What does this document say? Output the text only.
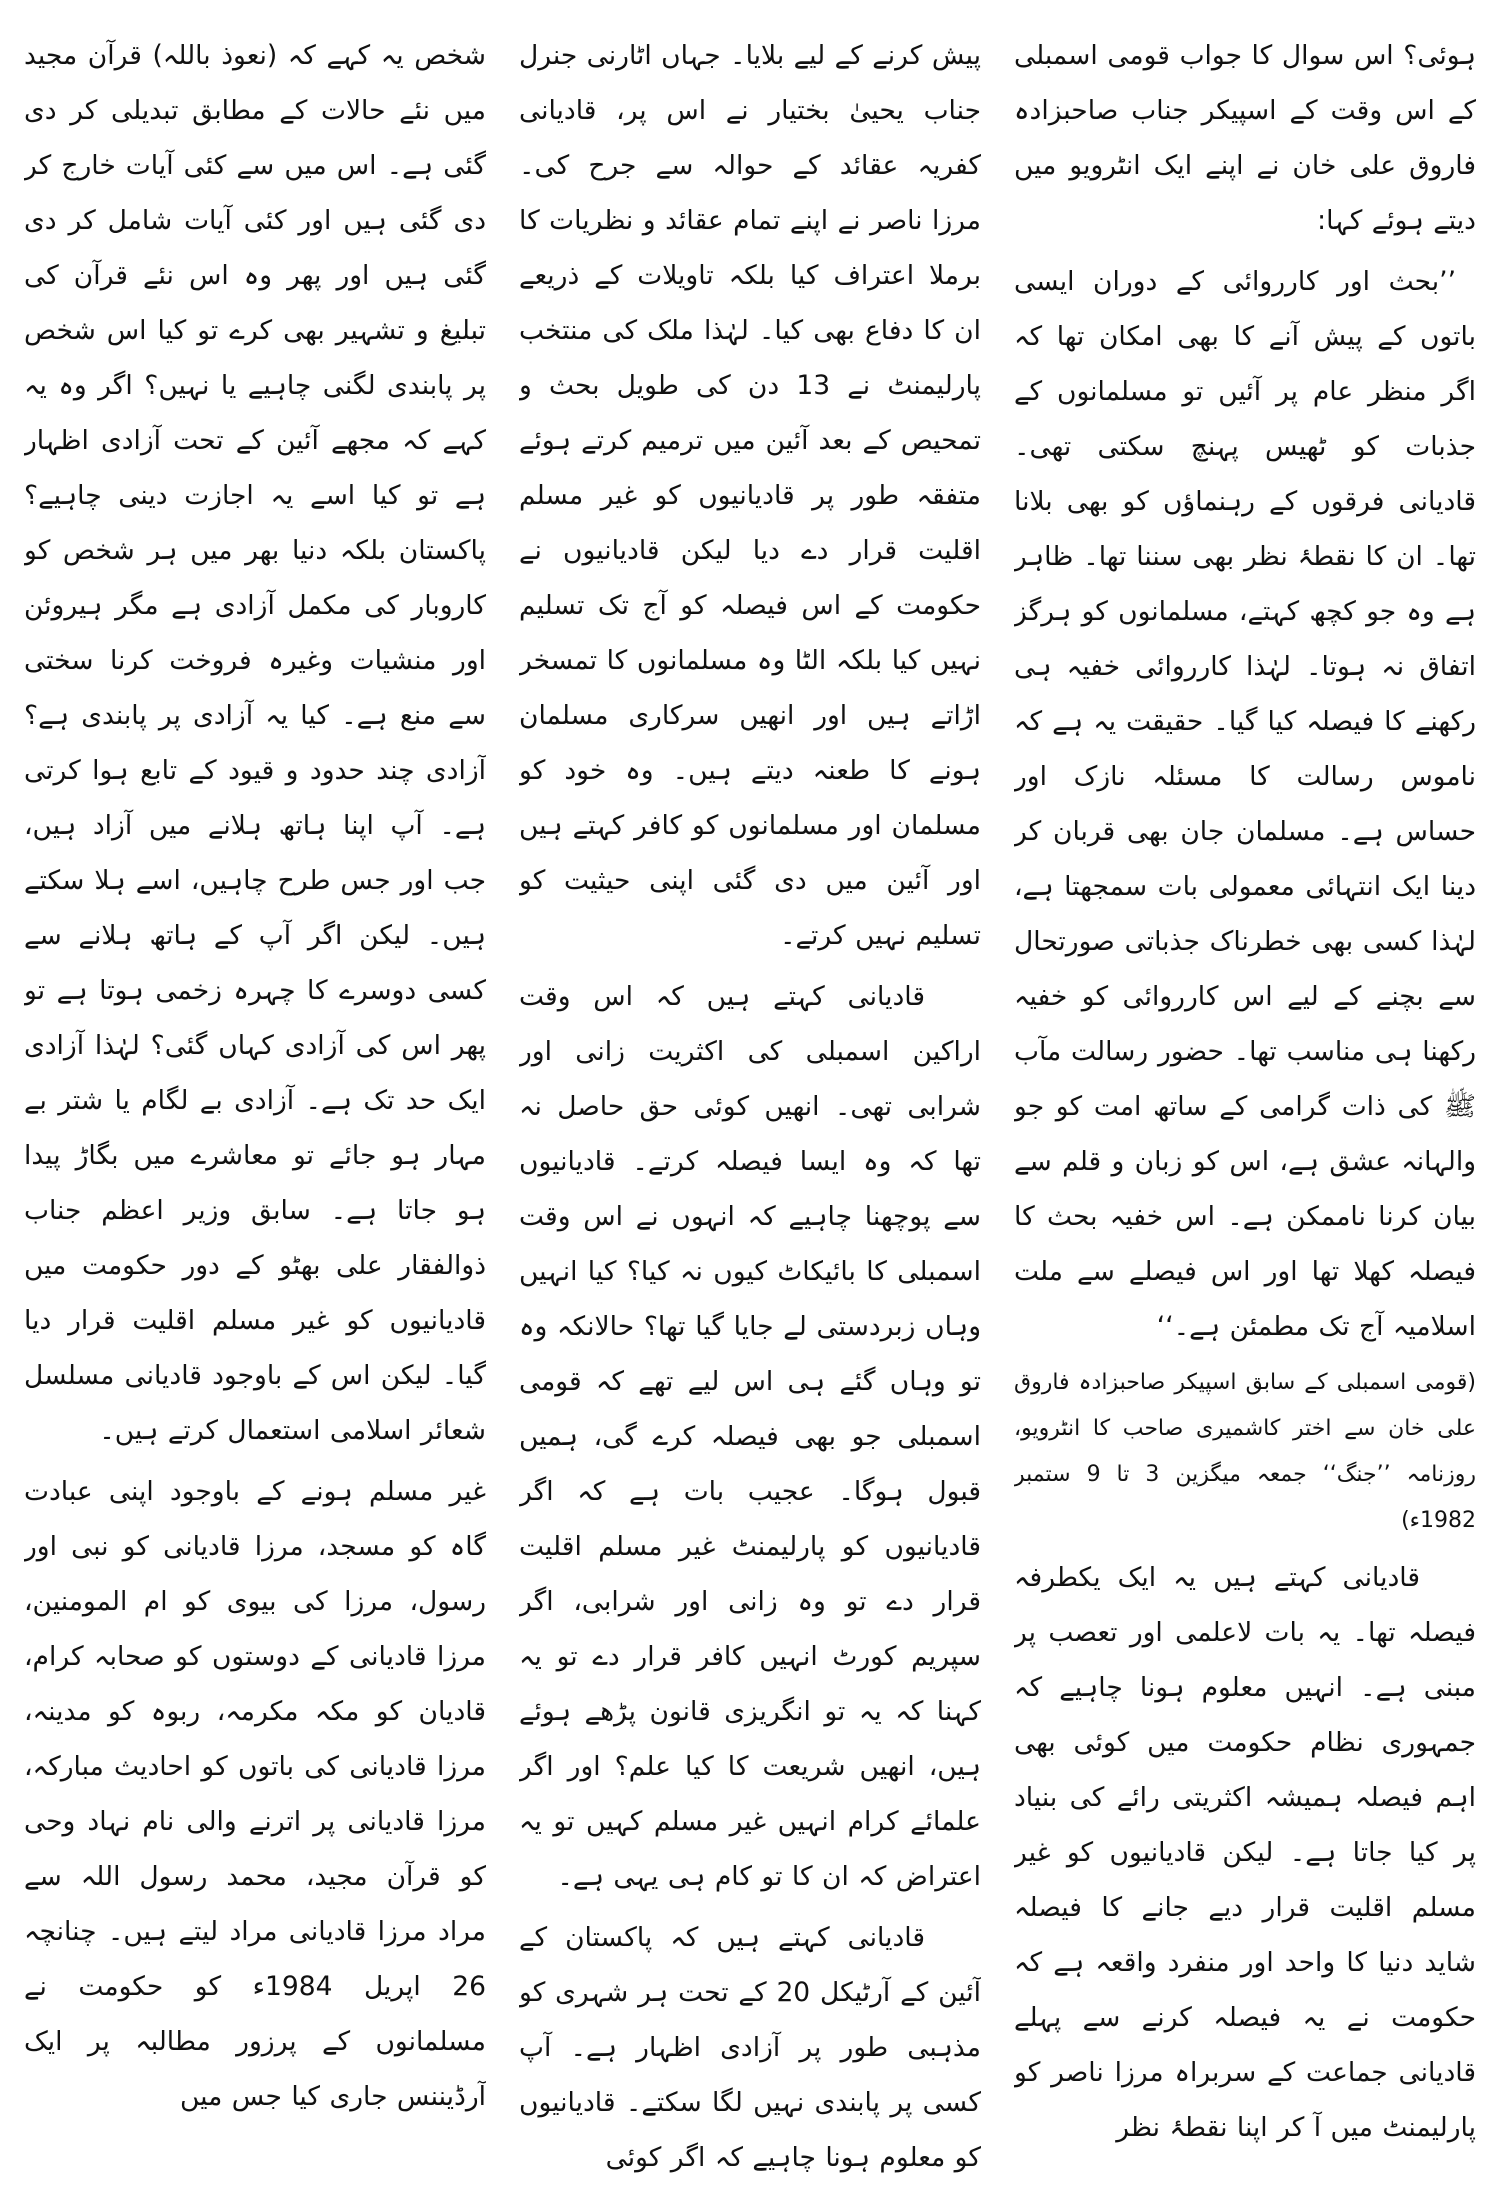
ہوئی؟ اس سوال کا جواب قومی اسمبلی کے اس وقت کے اسپیکر جناب صاحبزادہ فاروق علی خان نے اپنے ایک انٹرویو میں دیتے ہوئے کہا:

’’بحث اور کارروائی کے دوران ایسی باتوں کے پیش آنے کا بھی امکان تھا کہ اگر منظر عام پر آئیں تو مسلمانوں کے جذبات کو ٹھیس پہنچ سکتی تھی۔ قادیانی فرقوں کے رہنماؤں کو بھی بلانا تھا۔ ان کا نقطۂ نظر بھی سننا تھا۔ ظاہر ہے وہ جو کچھ کہتے، مسلمانوں کو ہرگز اتفاق نہ ہوتا۔ لہٰذا کارروائی خفیہ ہی رکھنے کا فیصلہ کیا گیا۔ حقیقت یہ ہے کہ ناموس رسالت کا مسئلہ نازک اور حساس ہے۔ مسلمان جان بھی قربان کر دینا ایک انتہائی معمولی بات سمجھتا ہے، لہٰذا کسی بھی خطرناک جذباتی صورتحال سے بچنے کے لیے اس کارروائی کو خفیہ رکھنا ہی مناسب تھا۔ حضور رسالت مآب ﷺ کی ذات گرامی کے ساتھ امت کو جو والہانہ عشق ہے، اس کو زبان و قلم سے بیان کرنا ناممکن ہے۔ اس خفیہ بحث کا فیصلہ کھلا تھا اور اس فیصلے سے ملت اسلامیہ آج تک مطمئن ہے۔‘‘

(قومی اسمبلی کے سابق اسپیکر صاحبزادہ فاروق علی خان سے اختر کاشمیری صاحب کا انٹرویو، روزنامہ ’’جنگ‘‘ جمعہ میگزین 3 تا 9 ستمبر 1982ء)

قادیانی کہتے ہیں یہ ایک یکطرفہ فیصلہ تھا۔ یہ بات لاعلمی اور تعصب پر مبنی ہے۔ انہیں معلوم ہونا چاہیے کہ جمہوری نظام حکومت میں کوئی بھی اہم فیصلہ ہمیشہ اکثریتی رائے کی بنیاد پر کیا جاتا ہے۔ لیکن قادیانیوں کو غیر مسلم اقلیت قرار دیے جانے کا فیصلہ شاید دنیا کا واحد اور منفرد واقعہ ہے کہ حکومت نے یہ فیصلہ کرنے سے پہلے قادیانی جماعت کے سربراہ مرزا ناصر کو پارلیمنٹ میں آ کر اپنا نقطۂ نظر

پیش کرنے کے لیے بلایا۔ جہاں اٹارنی جنرل جناب یحییٰ بختیار نے اس پر، قادیانی کفریہ عقائد کے حوالہ سے جرح کی۔ مرزا ناصر نے اپنے تمام عقائد و نظریات کا برملا اعتراف کیا بلکہ تاویلات کے ذریعے ان کا دفاع بھی کیا۔ لہٰذا ملک کی منتخب پارلیمنٹ نے 13 دن کی طویل بحث و تمحیص کے بعد آئین میں ترمیم کرتے ہوئے متفقہ طور پر قادیانیوں کو غیر مسلم اقلیت قرار دے دیا لیکن قادیانیوں نے حکومت کے اس فیصلہ کو آج تک تسلیم نہیں کیا بلکہ الٹا وہ مسلمانوں کا تمسخر اڑاتے ہیں اور انھیں سرکاری مسلمان ہونے کا طعنہ دیتے ہیں۔ وہ خود کو مسلمان اور مسلمانوں کو کافر کہتے ہیں اور آئین میں دی گئی اپنی حیثیت کو تسلیم نہیں کرتے۔

قادیانی کہتے ہیں کہ اس وقت اراکین اسمبلی کی اکثریت زانی اور شرابی تھی۔ انھیں کوئی حق حاصل نہ تھا کہ وہ ایسا فیصلہ کرتے۔ قادیانیوں سے پوچھنا چاہیے کہ انہوں نے اس وقت اسمبلی کا بائیکاٹ کیوں نہ کیا؟ کیا انہیں وہاں زبردستی لے جایا گیا تھا؟ حالانکہ وہ تو وہاں گئے ہی اس لیے تھے کہ قومی اسمبلی جو بھی فیصلہ کرے گی، ہمیں قبول ہوگا۔ عجیب بات ہے کہ اگر قادیانیوں کو پارلیمنٹ غیر مسلم اقلیت قرار دے تو وہ زانی اور شرابی، اگر سپریم کورٹ انہیں کافر قرار دے تو یہ کہنا کہ یہ تو انگریزی قانون پڑھے ہوئے ہیں، انھیں شریعت کا کیا علم؟ اور اگر علمائے کرام انہیں غیر مسلم کہیں تو یہ اعتراض کہ ان کا تو کام ہی یہی ہے۔

قادیانی کہتے ہیں کہ پاکستان کے آئین کے آرٹیکل 20 کے تحت ہر شہری کو مذہبی طور پر آزادی اظہار ہے۔ آپ کسی پر پابندی نہیں لگا سکتے۔ قادیانیوں کو معلوم ہونا چاہیے کہ اگر کوئی

شخص یہ کہے کہ (نعوذ باللہ) قرآن مجید میں نئے حالات کے مطابق تبدیلی کر دی گئی ہے۔ اس میں سے کئی آیات خارج کر دی گئی ہیں اور کئی آیات شامل کر دی گئی ہیں اور پھر وہ اس نئے قرآن کی تبلیغ و تشہیر بھی کرے تو کیا اس شخص پر پابندی لگنی چاہیے یا نہیں؟ اگر وہ یہ کہے کہ مجھے آئین کے تحت آزادی اظہار ہے تو کیا اسے یہ اجازت دینی چاہیے؟ پاکستان بلکہ دنیا بھر میں ہر شخص کو کاروبار کی مکمل آزادی ہے مگر ہیروئن اور منشیات وغیرہ فروخت کرنا سختی سے منع ہے۔ کیا یہ آزادی پر پابندی ہے؟ آزادی چند حدود و قیود کے تابع ہوا کرتی ہے۔ آپ اپنا ہاتھ ہلانے میں آزاد ہیں، جب اور جس طرح چاہیں، اسے ہلا سکتے ہیں۔ لیکن اگر آپ کے ہاتھ ہلانے سے کسی دوسرے کا چہرہ زخمی ہوتا ہے تو پھر اس کی آزادی کہاں گئی؟ لہٰذا آزادی ایک حد تک ہے۔ آزادی بے لگام یا شتر بے مہار ہو جائے تو معاشرے میں بگاڑ پیدا ہو جاتا ہے۔ سابق وزیر اعظم جناب ذوالفقار علی بھٹو کے دور حکومت میں قادیانیوں کو غیر مسلم اقلیت قرار دیا گیا۔ لیکن اس کے باوجود قادیانی مسلسل شعائر اسلامی استعمال کرتے ہیں۔

غیر مسلم ہونے کے باوجود اپنی عبادت گاہ کو مسجد، مرزا قادیانی کو نبی اور رسول، مرزا کی بیوی کو ام المومنین، مرزا قادیانی کے دوستوں کو صحابہ کرام، قادیان کو مکہ مکرمہ، ربوہ کو مدینہ، مرزا قادیانی کی باتوں کو احادیث مبارکہ، مرزا قادیانی پر اترنے والی نام نہاد وحی کو قرآن مجید، محمد رسول اللہ سے مراد مرزا قادیانی مراد لیتے ہیں۔ چنانچہ 26 اپریل 1984ء کو حکومت نے مسلمانوں کے پرزور مطالبہ پر ایک آرڈیننس جاری کیا جس میں
